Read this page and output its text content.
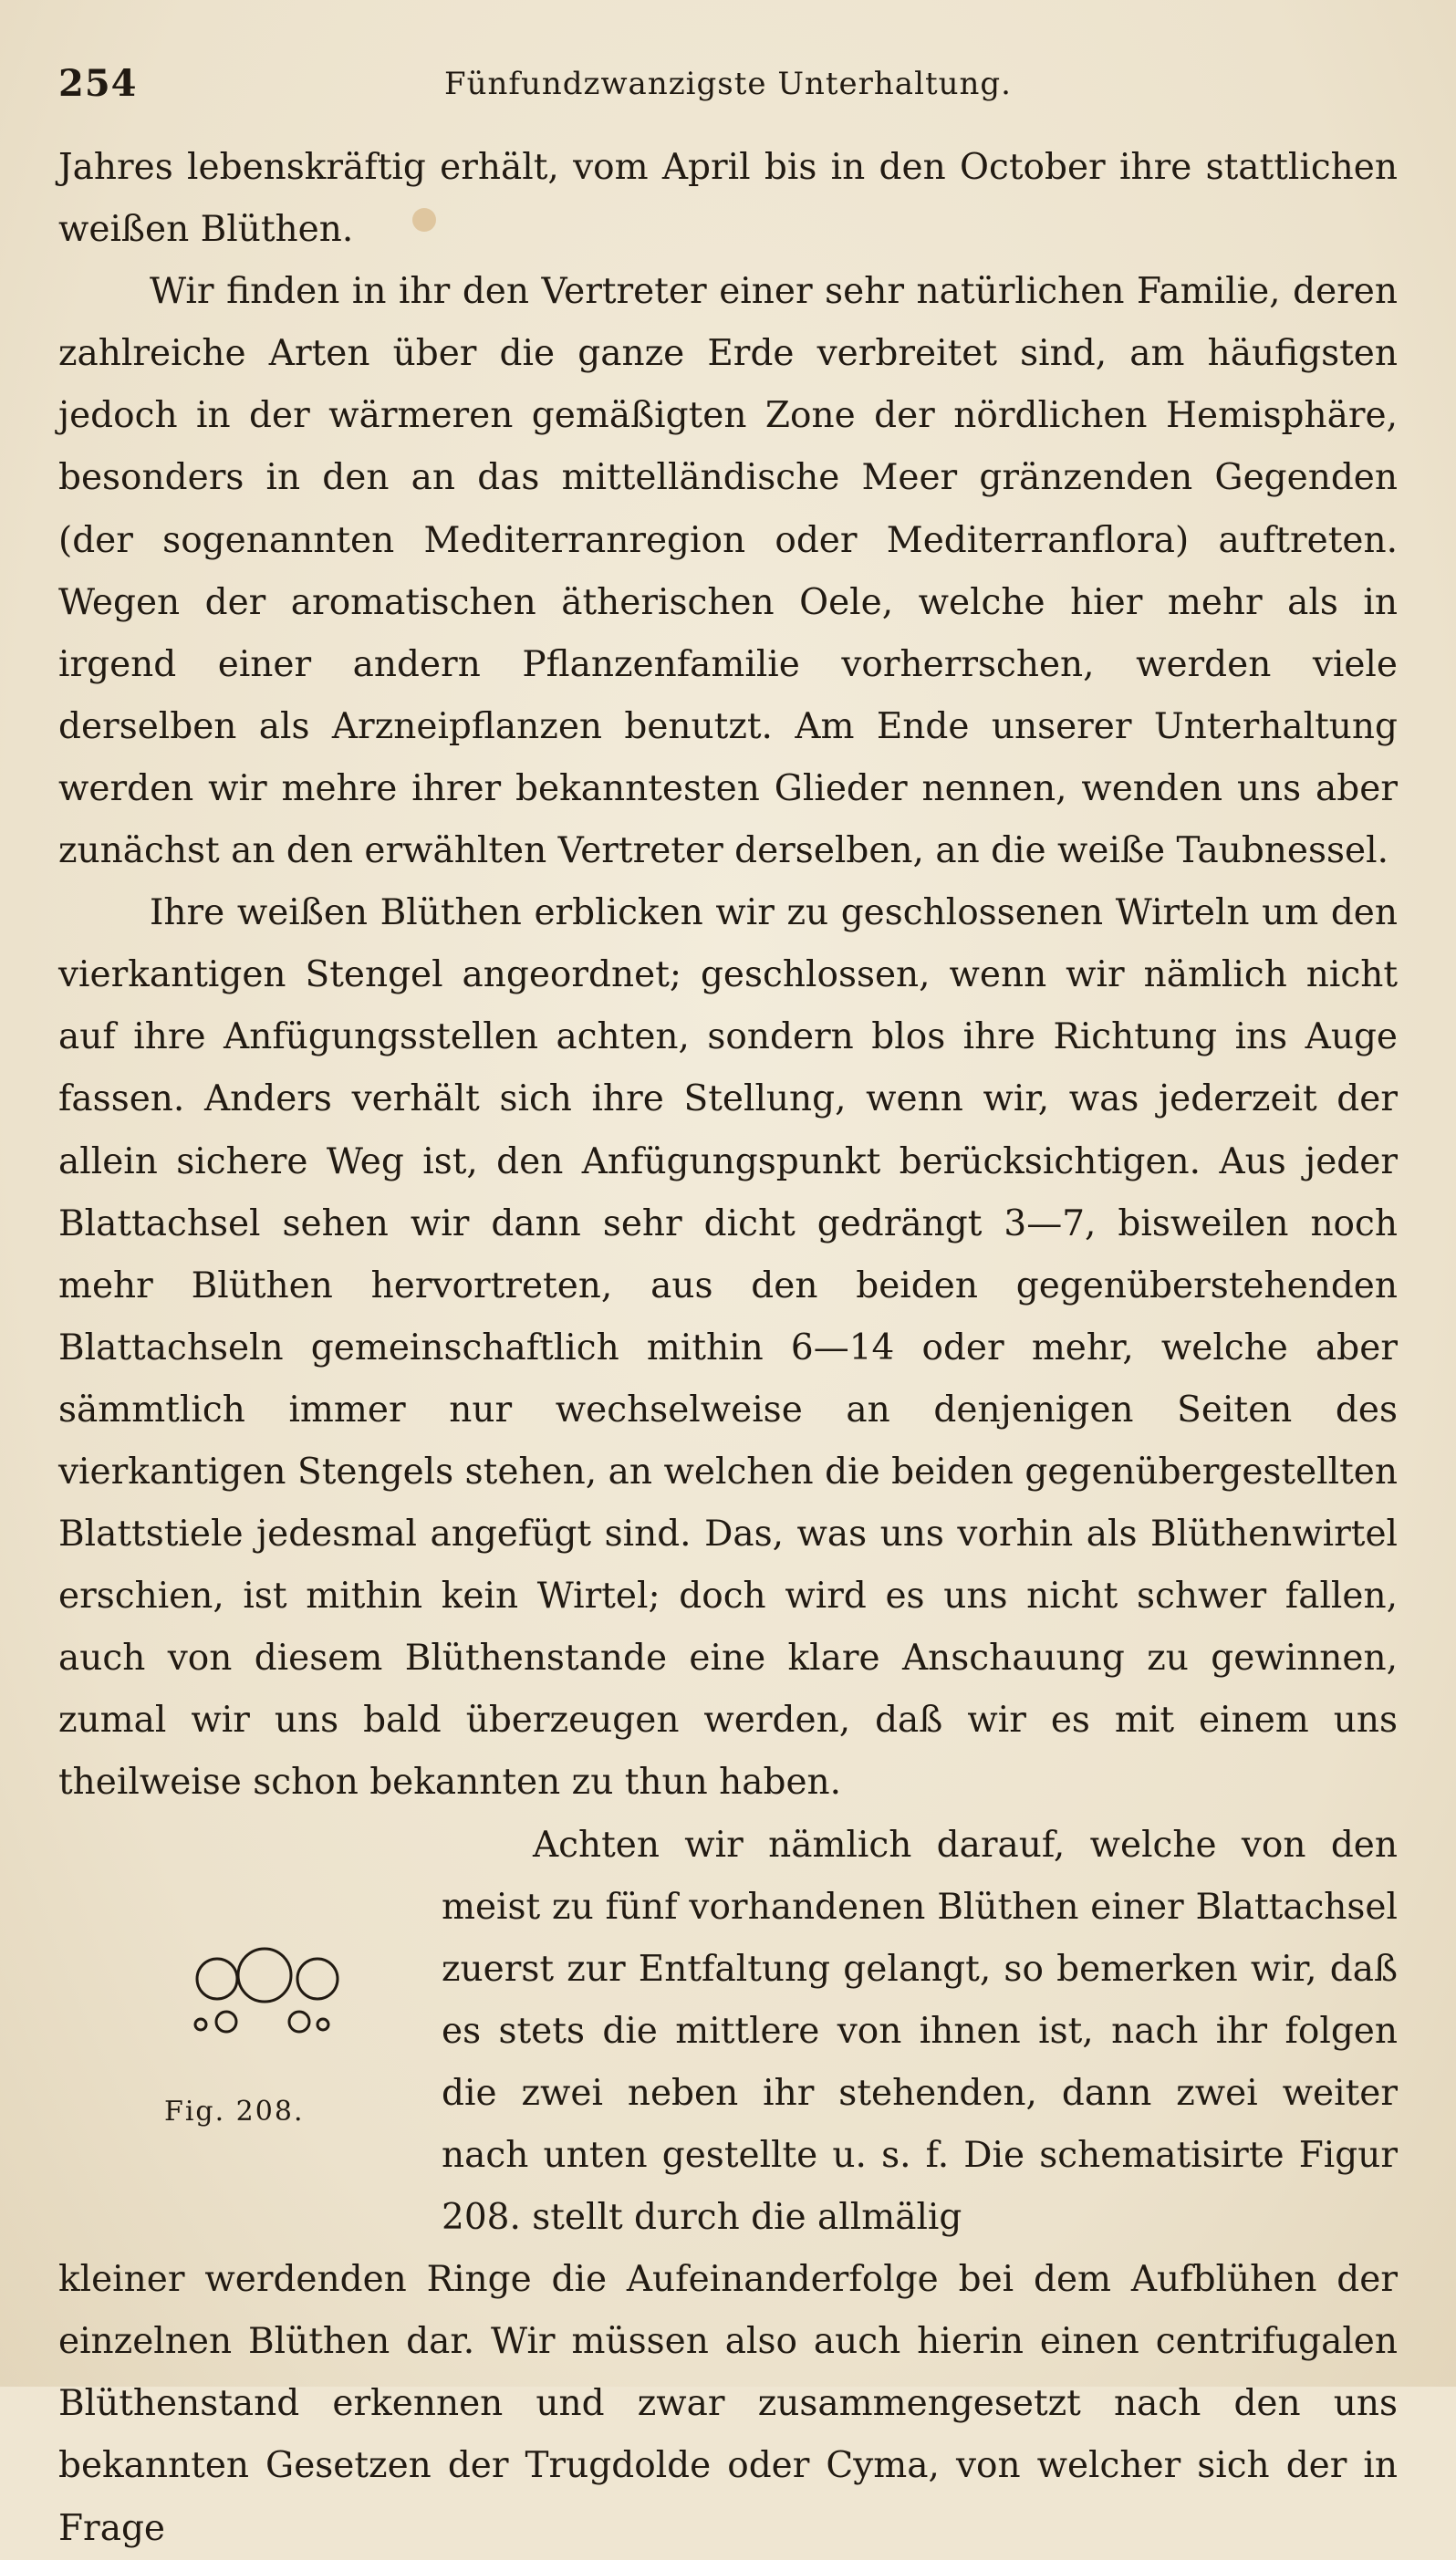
254	Fünfundzwanzigste Unterhaltung.

Jahres lebenskräftig erhält, vom April bis in den October ihre stattlichen weißen Blüthen.

Wir finden in ihr den Vertreter einer sehr natürlichen Familie, deren zahlreiche Arten über die ganze Erde verbreitet sind, am häufigsten jedoch in der wärmeren gemäßigten Zone der nördlichen Hemisphäre, besonders in den an das mittelländische Meer gränzenden Gegenden (der sogenannten Mediterranregion oder Mediterranflora) auftreten. Wegen der aromatischen ätherischen Oele, welche hier mehr als in irgend einer andern Pflanzenfamilie vorherrschen, werden viele derselben als Arzneipflanzen benutzt. Am Ende unserer Unterhaltung werden wir mehre ihrer bekanntesten Glieder nennen, wenden uns aber zunächst an den erwählten Vertreter derselben, an die weiße Taubnessel.

Ihre weißen Blüthen erblicken wir zu geschlossenen Wirteln um den vierkantigen Stengel angeordnet; geschlossen, wenn wir nämlich nicht auf ihre Anfügungsstellen achten, sondern blos ihre Richtung ins Auge fassen. Anders verhält sich ihre Stellung, wenn wir, was jederzeit der allein sichere Weg ist, den Anfügungspunkt berücksichtigen. Aus jeder Blattachsel sehen wir dann sehr dicht gedrängt 3—7, bisweilen noch mehr Blüthen hervortreten, aus den beiden gegenüberstehenden Blattachseln gemeinschaftlich mithin 6—14 oder mehr, welche aber sämmtlich immer nur wechselweise an denjenigen Seiten des vierkantigen Stengels stehen, an welchen die beiden gegenübergestellten Blattstiele jedesmal angefügt sind. Das, was uns vorhin als Blüthenwirtel erschien, ist mithin kein Wirtel; doch wird es uns nicht schwer fallen, auch von diesem Blüthenstande eine klare Anschauung zu gewinnen, zumal wir uns bald überzeugen werden, daß wir es mit einem uns theilweise schon bekannten zu thun haben.

Fig. 208.

Achten wir nämlich darauf, welche von den meist zu fünf vorhandenen Blüthen einer Blattachsel zuerst zur Entfaltung gelangt, so bemerken wir, daß es stets die mittlere von ihnen ist, nach ihr folgen die zwei neben ihr stehenden, dann zwei weiter nach unten gestellte u. s. f. Die schematisirte Figur 208. stellt durch die allmälig

kleiner werdenden Ringe die Aufeinanderfolge bei dem Aufblühen der einzelnen Blüthen dar. Wir müssen also auch hierin einen centrifugalen Blüthenstand erkennen und zwar zusammengesetzt nach den uns bekannten Gesetzen der Trugdolde oder Cyma, von welcher sich der in Frage
